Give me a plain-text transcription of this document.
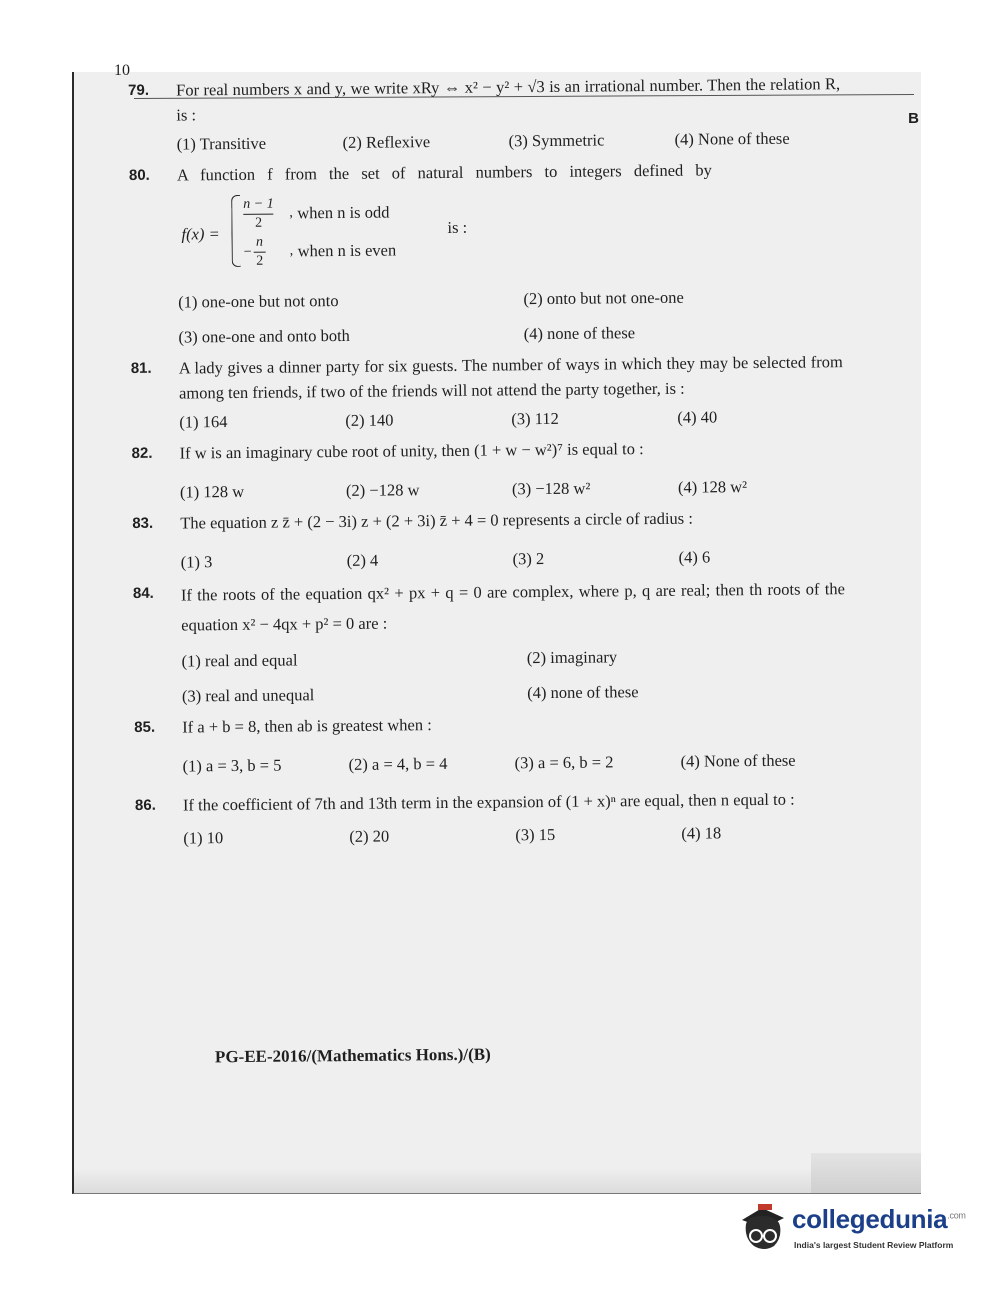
B
10
79. For real numbers x and y, we write xRy ⇔ x² − y² + √3 is an irrational number. Then the relation R, is :
(1) Transitive	(2) Reflexive	(3) Symmetric	(4) None of these
80. A function f from the set of natural numbers to integers defined by
f(x) =
n − 1
2
, when n is odd
−
n
2
, when n is even
is :
(1) one-one but not onto	(2) onto but not one-one
(3) one-one and onto both	(4) none of these
81. A lady gives a dinner party for six guests. The number of ways in which they may be selected from among ten friends, if two of the friends will not attend the party together, is :
(1) 164	(2) 140	(3) 112	(4) 40
82. If w is an imaginary cube root of unity, then (1 + w − w²)⁷ is equal to :
(1) 128 w	(2) −128 w	(3) −128 w²	(4) 128 w²
83. The equation z z̄ + (2 − 3i) z + (2 + 3i) z̄ + 4 = 0 represents a circle of radius :
(1) 3	(2) 4	(3) 2	(4) 6
84. If the roots of the equation qx² + px + q = 0 are complex, where p, q are real; then th roots of the equation x² − 4qx + p² = 0 are :
(1) real and equal	(2) imaginary
(3) real and unequal	(4) none of these
85. If a + b = 8, then ab is greatest when :
(1) a = 3, b = 5	(2) a = 4, b = 4	(3) a = 6, b = 2	(4) None of these
86. If the coefficient of 7th and 13th term in the expansion of (1 + x)ⁿ are equal, then n equal to :
(1) 10	(2) 20	(3) 15	(4) 18
PG-EE-2016/(Mathematics Hons.)/(B)
collegedunia$^{.com}$
India's largest Student Review Platform
